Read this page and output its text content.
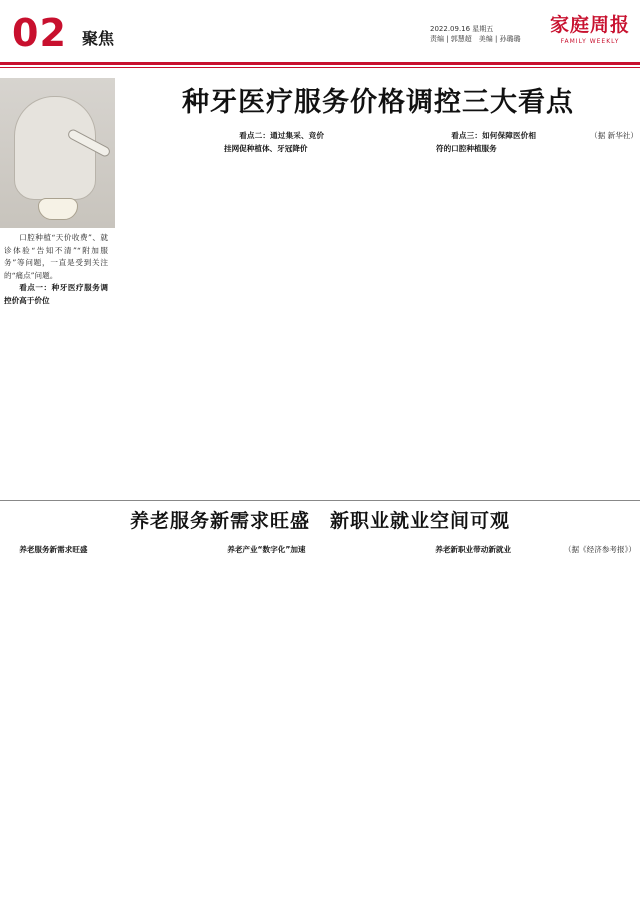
02 聚焦	2022.09.16 星期五
责编 | 郭慧超　美编 | 孙璐璐
家庭周报
FAMILY WEEKLY
种牙医疗服务价格调控三大看点

口腔种植“天价收费”、就诊体验“告知不清”“附加服务”等问题，一直是受到关注的“痛点”问题。

看点一：种牙医疗服务调控价高于价位

看点二：通过集采、竞价挂网促种植体、牙冠降价

看点三：如何保障医价相符的口腔种植服务

（据 新华社）

养老服务新需求旺盛　新职业就业空间可观

养老服务新需求旺盛	养老产业“数字化”加速	养老新职业带动新就业	（据《经济参考报》）
